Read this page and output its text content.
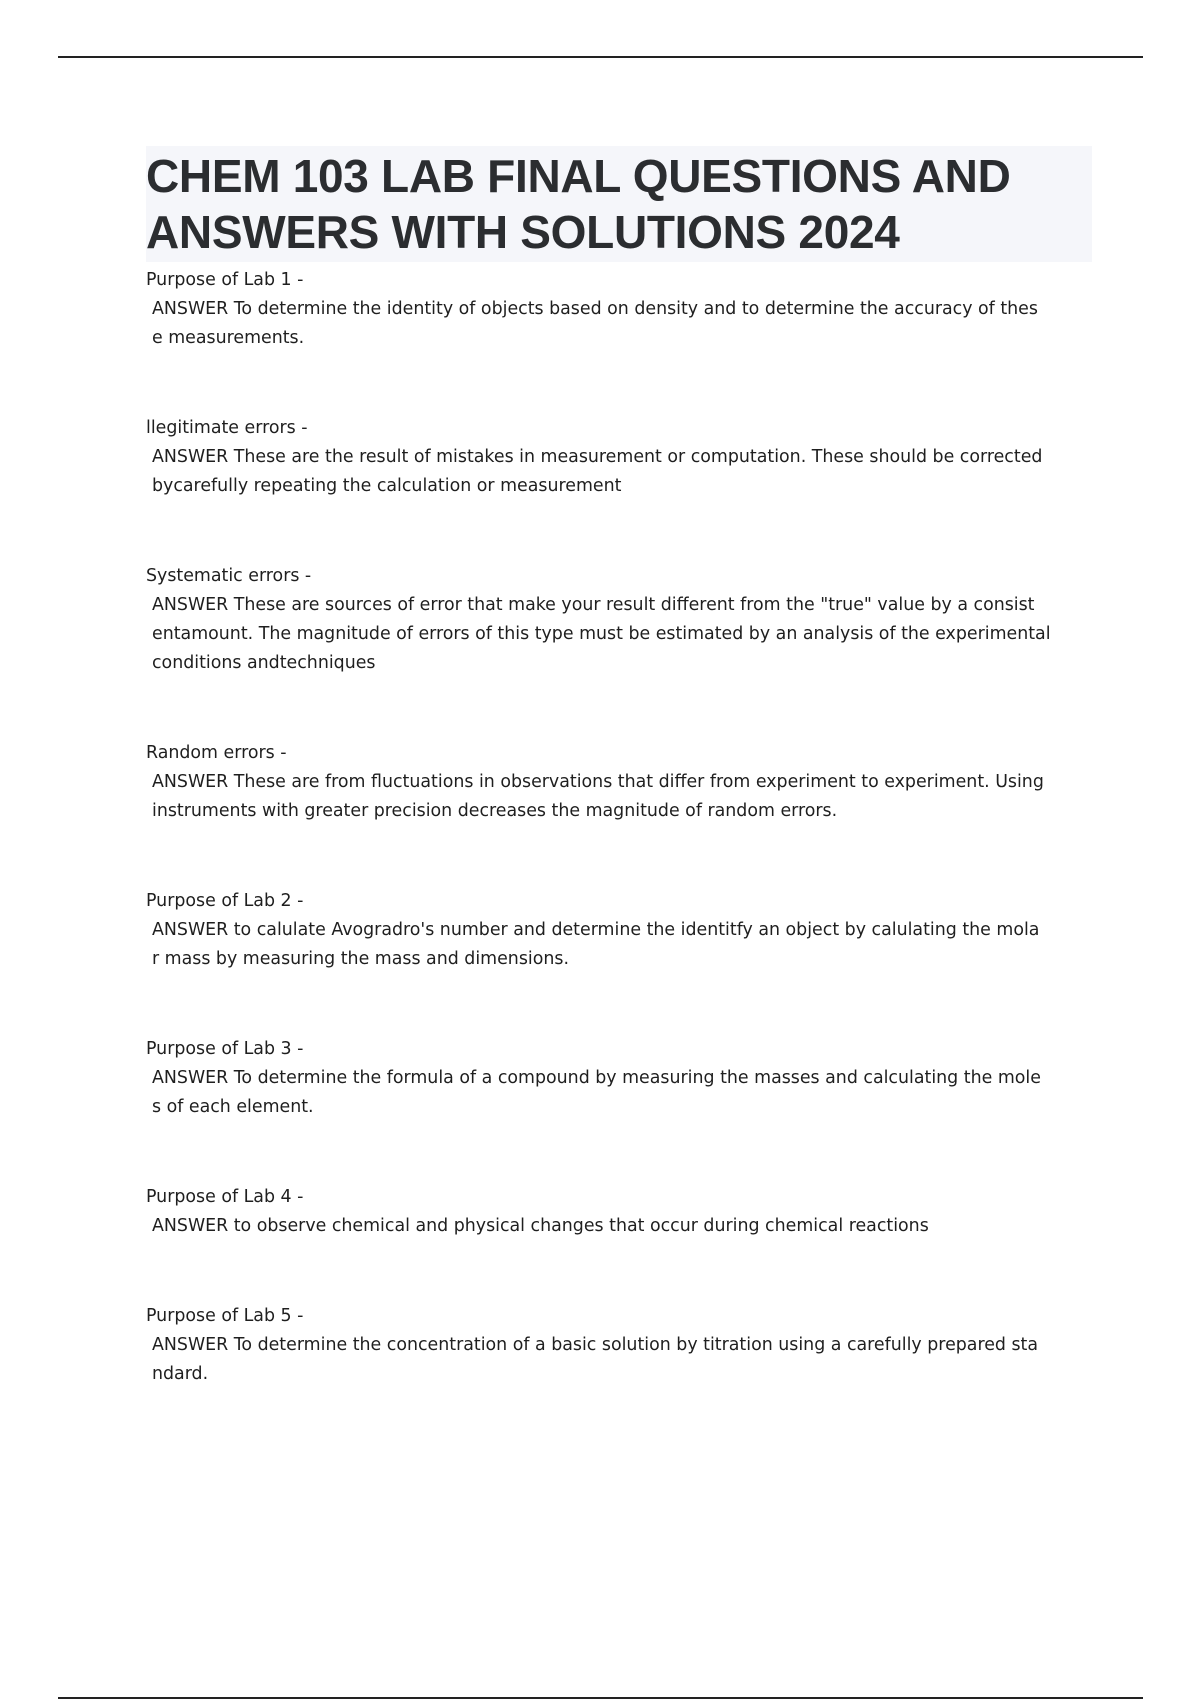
CHEM 103 LAB FINAL QUESTIONS AND ANSWERS WITH SOLUTIONS 2024

Purpose of Lab 1 -

ANSWER To determine the identity of objects based on density and to determine the accuracy of thes
e measurements.

llegitimate errors -

ANSWER These are the result of mistakes in measurement or computation. These should be corrected
bycarefully repeating the calculation or measurement

Systematic errors -

ANSWER These are sources of error that make your result different from the "true" value by a consist
entamount. The magnitude of errors of this type must be estimated by an analysis of the experimental
conditions andtechniques

Random errors -

ANSWER These are from fluctuations in observations that differ from experiment to experiment. Using
instruments with greater precision decreases the magnitude of random errors.

Purpose of Lab 2 -

ANSWER to calulate Avogradro's number and determine the identitfy an object by calulating the mola
r mass by measuring the mass and dimensions.

Purpose of Lab 3 -

ANSWER To determine the formula of a compound by measuring the masses and calculating the mole
s of each element.

Purpose of Lab 4 -

ANSWER to observe chemical and physical changes that occur during chemical reactions

Purpose of Lab 5 -

ANSWER To determine the concentration of a basic solution by titration using a carefully prepared sta
ndard.
